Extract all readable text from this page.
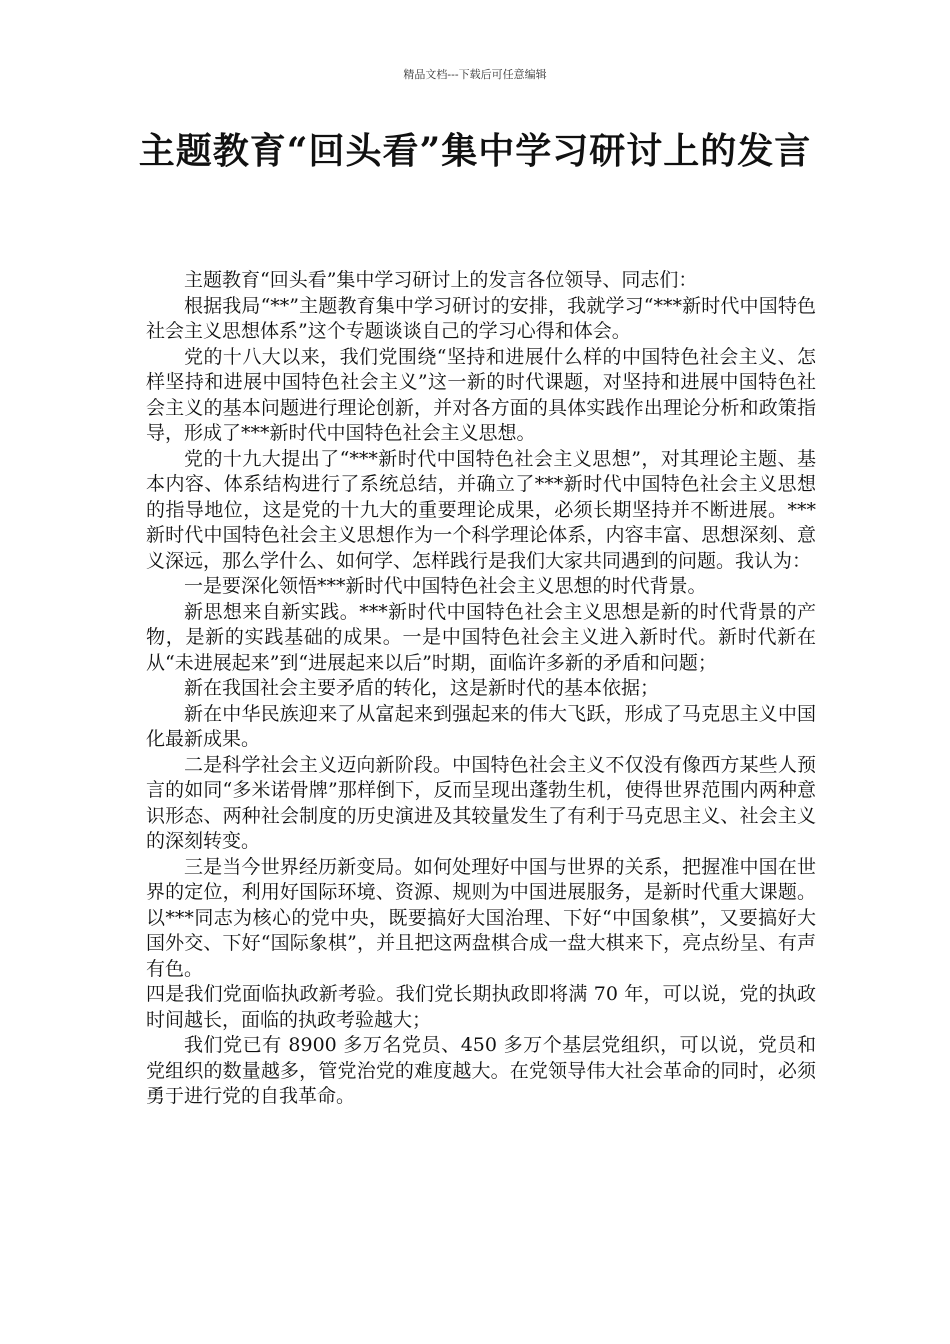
精品文档---下载后可任意编辑
主题教育“回头看”集中学习研讨上的发言

主题教育“回头看”集中学习研讨上的发言各位领导、同志们：

根据我局“**”主题教育集中学习研讨的安排，我就学习“***新时代中国特色社会主义思想体系”这个专题谈谈自己的学习心得和体会。

党的十八大以来，我们党围绕“坚持和进展什么样的中国特色社会主义、怎样坚持和进展中国特色社会主义”这一新的时代课题，对坚持和进展中国特色社会主义的基本问题进行理论创新，并对各方面的具体实践作出理论分析和政策指导，形成了***新时代中国特色社会主义思想。

党的十九大提出了“***新时代中国特色社会主义思想”，对其理论主题、基本内容、体系结构进行了系统总结，并确立了***新时代中国特色社会主义思想的指导地位，这是党的十九大的重要理论成果，必须长期坚持并不断进展。***新时代中国特色社会主义思想作为一个科学理论体系，内容丰富、思想深刻、意义深远，那么学什么、如何学、怎样践行是我们大家共同遇到的问题。我认为：

一是要深化领悟***新时代中国特色社会主义思想的时代背景。

新思想来自新实践。***新时代中国特色社会主义思想是新的时代背景的产物，是新的实践基础的成果。一是中国特色社会主义进入新时代。新时代新在从“未进展起来”到“进展起来以后”时期，面临许多新的矛盾和问题；

新在我国社会主要矛盾的转化，这是新时代的基本依据；

新在中华民族迎来了从富起来到强起来的伟大飞跃，形成了马克思主义中国化最新成果。

二是科学社会主义迈向新阶段。中国特色社会主义不仅没有像西方某些人预言的如同“多米诺骨牌”那样倒下，反而呈现出蓬勃生机，使得世界范围内两种意识形态、两种社会制度的历史演进及其较量发生了有利于马克思主义、社会主义的深刻转变。

三是当今世界经历新变局。如何处理好中国与世界的关系，把握准中国在世界的定位，利用好国际环境、资源、规则为中国进展服务，是新时代重大课题。以***同志为核心的党中央，既要搞好大国治理、下好“中国象棋”，又要搞好大国外交、下好“国际象棋”，并且把这两盘棋合成一盘大棋来下，亮点纷呈、有声有色。

四是我们党面临执政新考验。我们党长期执政即将满 70 年，可以说，党的执政时间越长，面临的执政考验越大；

我们党已有 8900 多万名党员、450 多万个基层党组织，可以说，党员和党组织的数量越多，管党治党的难度越大。在党领导伟大社会革命的同时，必须勇于进行党的自我革命。
